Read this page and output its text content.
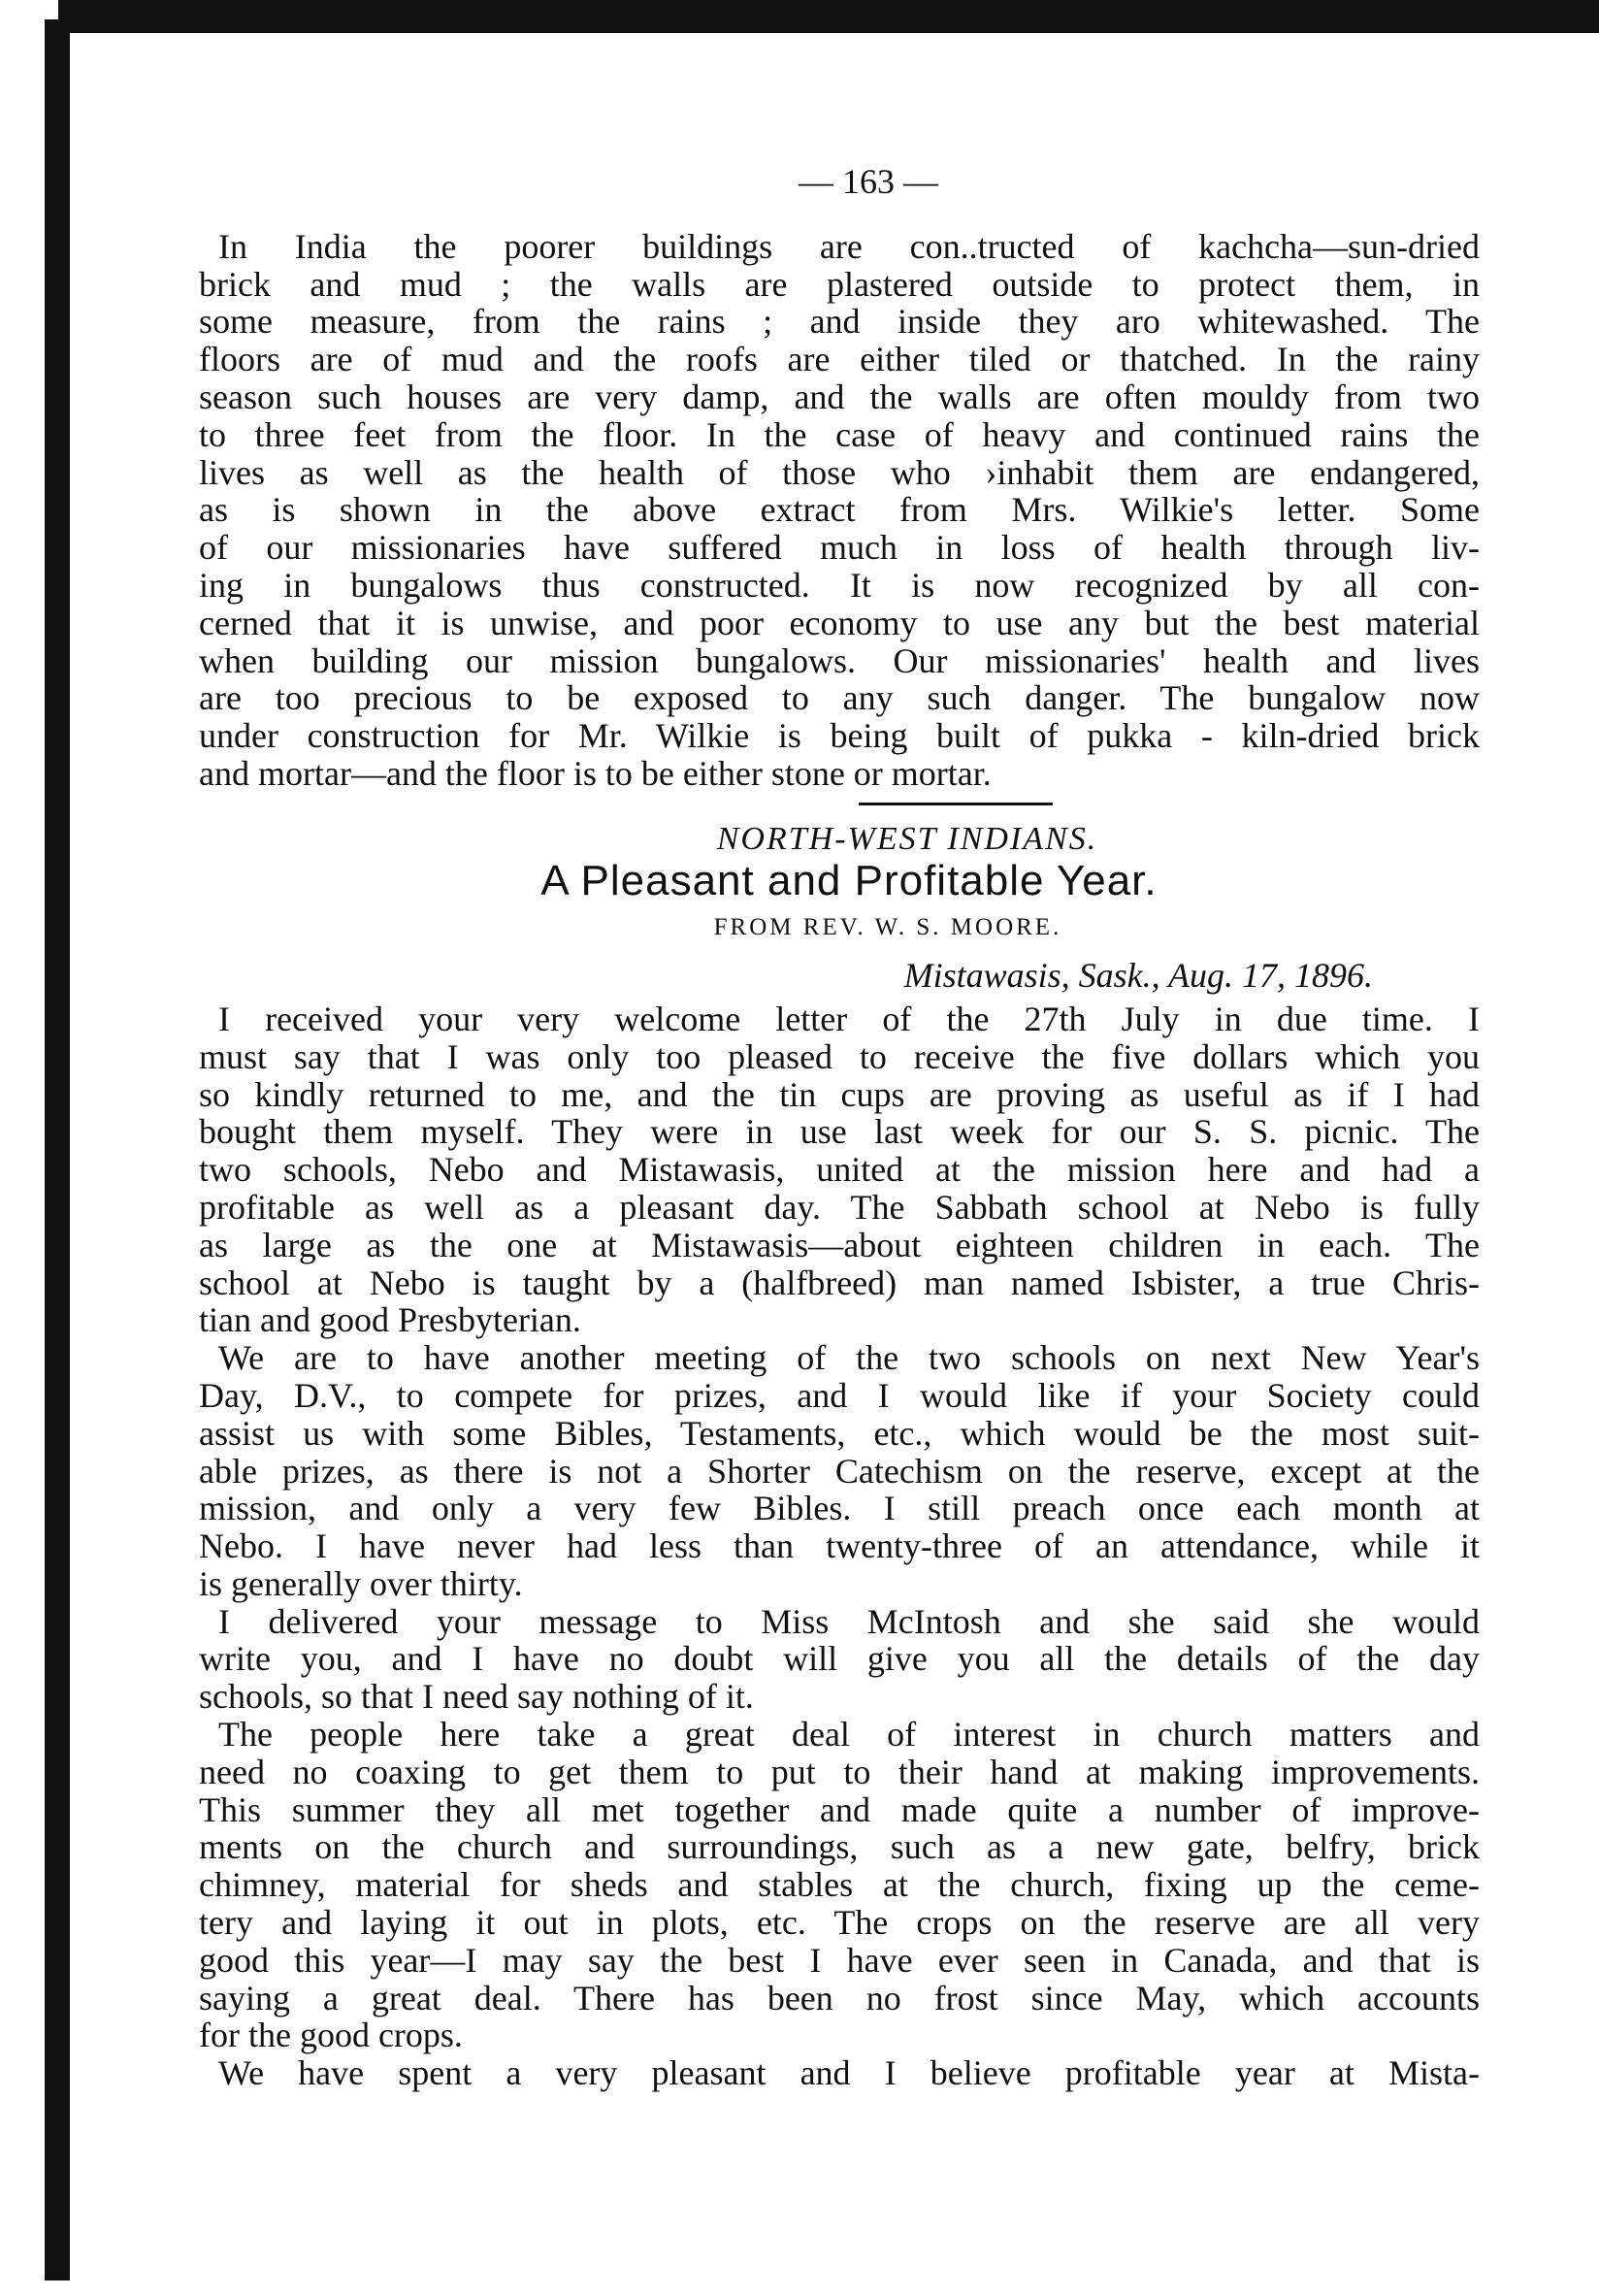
— 163 —

In India the poorer buildings are con..tructed of kachcha—sun-dried
brick and mud ; the walls are plastered outside to protect them, in
some measure, from the rains ; and inside they aro whitewashed. The
floors are of mud and the roofs are either tiled or thatched. In the rainy
season such houses are very damp, and the walls are often mouldy from two
to three feet from the floor. In the case of heavy and continued rains the
lives as well as the health of those who ›inhabit them are endangered,
as is shown in the above extract from Mrs. Wilkie's letter. Some
of our missionaries have suffered much in loss of health through liv-
ing in bungalows thus constructed. It is now recognized by all con-
cerned that it is unwise, and poor economy to use any but the best material
when building our mission bungalows. Our missionaries' health and lives
are too precious to be exposed to any such danger. The bungalow now
under construction for Mr. Wilkie is being built of pukka - kiln-dried brick
and mortar—and the floor is to be either stone or mortar.

NORTH-WEST INDIANS.
A Pleasant and Profitable Year.
FROM REV. W. S. MOORE.
Mistawasis, Sask., Aug. 17, 1896.

I received your very welcome letter of the 27th July in due time. I
must say that I was only too pleased to receive the five dollars which you
so kindly returned to me, and the tin cups are proving as useful as if I had
bought them myself. They were in use last week for our S. S. picnic. The
two schools, Nebo and Mistawasis, united at the mission here and had a
profitable as well as a pleasant day. The Sabbath school at Nebo is fully
as large as the one at Mistawasis—about eighteen children in each. The
school at Nebo is taught by a (halfbreed) man named Isbister, a true Chris-
tian and good Presbyterian.

We are to have another meeting of the two schools on next New Year's
Day, D.V., to compete for prizes, and I would like if your Society could
assist us with some Bibles, Testaments, etc., which would be the most suit-
able prizes, as there is not a Shorter Catechism on the reserve, except at the
mission, and only a very few Bibles. I still preach once each month at
Nebo. I have never had less than twenty-three of an attendance, while it
is generally over thirty.

I delivered your message to Miss McIntosh and she said she would
write you, and I have no doubt will give you all the details of the day
schools, so that I need say nothing of it.

The people here take a great deal of interest in church matters and
need no coaxing to get them to put to their hand at making improvements.
This summer they all met together and made quite a number of improve-
ments on the church and surroundings, such as a new gate, belfry, brick
chimney, material for sheds and stables at the church, fixing up the ceme-
tery and laying it out in plots, etc. The crops on the reserve are all very
good this year—I may say the best I have ever seen in Canada, and that is
saying a great deal. There has been no frost since May, which accounts
for the good crops.

We have spent a very pleasant and I believe profitable year at Mista-
